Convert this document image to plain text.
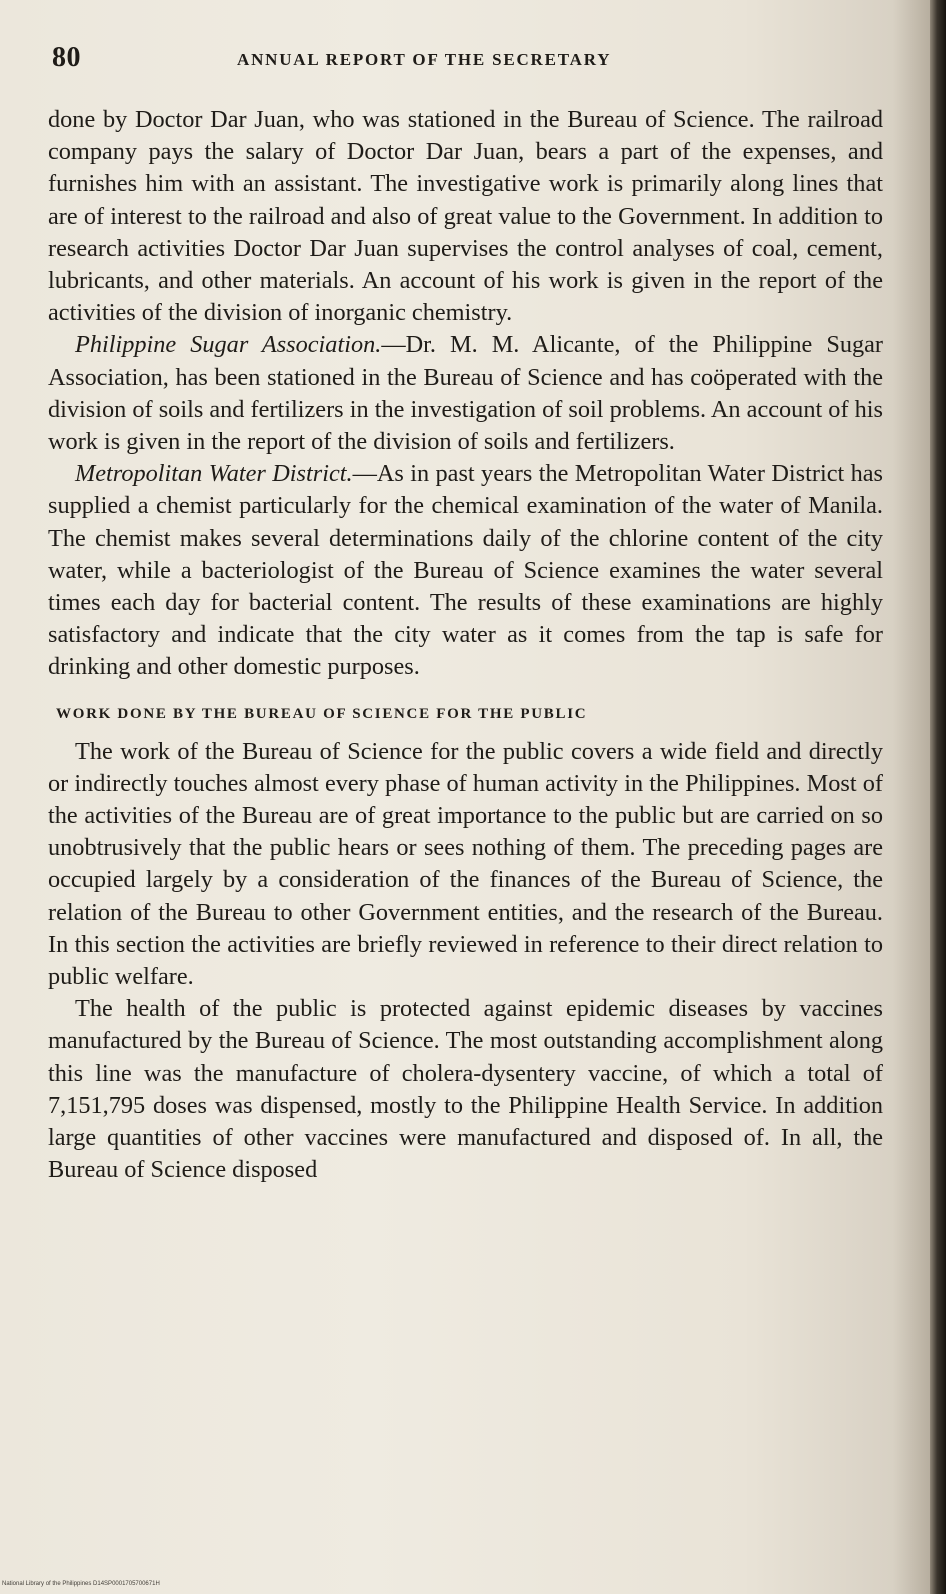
80	ANNUAL REPORT OF THE SECRETARY

done by Doctor Dar Juan, who was stationed in the Bureau of Science. The railroad company pays the salary of Doctor Dar Juan, bears a part of the expenses, and furnishes him with an assistant. The investigative work is primarily along lines that are of interest to the railroad and also of great value to the Government. In addition to research activities Doctor Dar Juan supervises the control analyses of coal, cement, lubricants, and other materials. An account of his work is given in the report of the activities of the division of inorganic chemistry.

Philippine Sugar Association.—Dr. M. M. Alicante, of the Philippine Sugar Association, has been stationed in the Bureau of Science and has coöperated with the division of soils and fertilizers in the investigation of soil problems. An account of his work is given in the report of the division of soils and fertilizers.

Metropolitan Water District.—As in past years the Metropolitan Water District has supplied a chemist particularly for the chemical examination of the water of Manila. The chemist makes several determinations daily of the chlorine content of the city water, while a bacteriologist of the Bureau of Science examines the water several times each day for bacterial content. The results of these examinations are highly satisfactory and indicate that the city water as it comes from the tap is safe for drinking and other domestic purposes.

WORK DONE BY THE BUREAU OF SCIENCE FOR THE PUBLIC

The work of the Bureau of Science for the public covers a wide field and directly or indirectly touches almost every phase of human activity in the Philippines. Most of the activities of the Bureau are of great importance to the public but are carried on so unobtrusively that the public hears or sees nothing of them. The preceding pages are occupied largely by a consideration of the finances of the Bureau of Science, the relation of the Bureau to other Government entities, and the research of the Bureau. In this section the activities are briefly reviewed in reference to their direct relation to public welfare.

The health of the public is protected against epidemic diseases by vaccines manufactured by the Bureau of Science. The most outstanding accomplishment along this line was the manufacture of cholera-dysentery vaccine, of which a total of 7,151,795 doses was dispensed, mostly to the Philippine Health Service. In addition large quantities of other vaccines were manufactured and disposed of. In all, the Bureau of Science disposed

National Library of the Philippines D14SP0001705700671H
